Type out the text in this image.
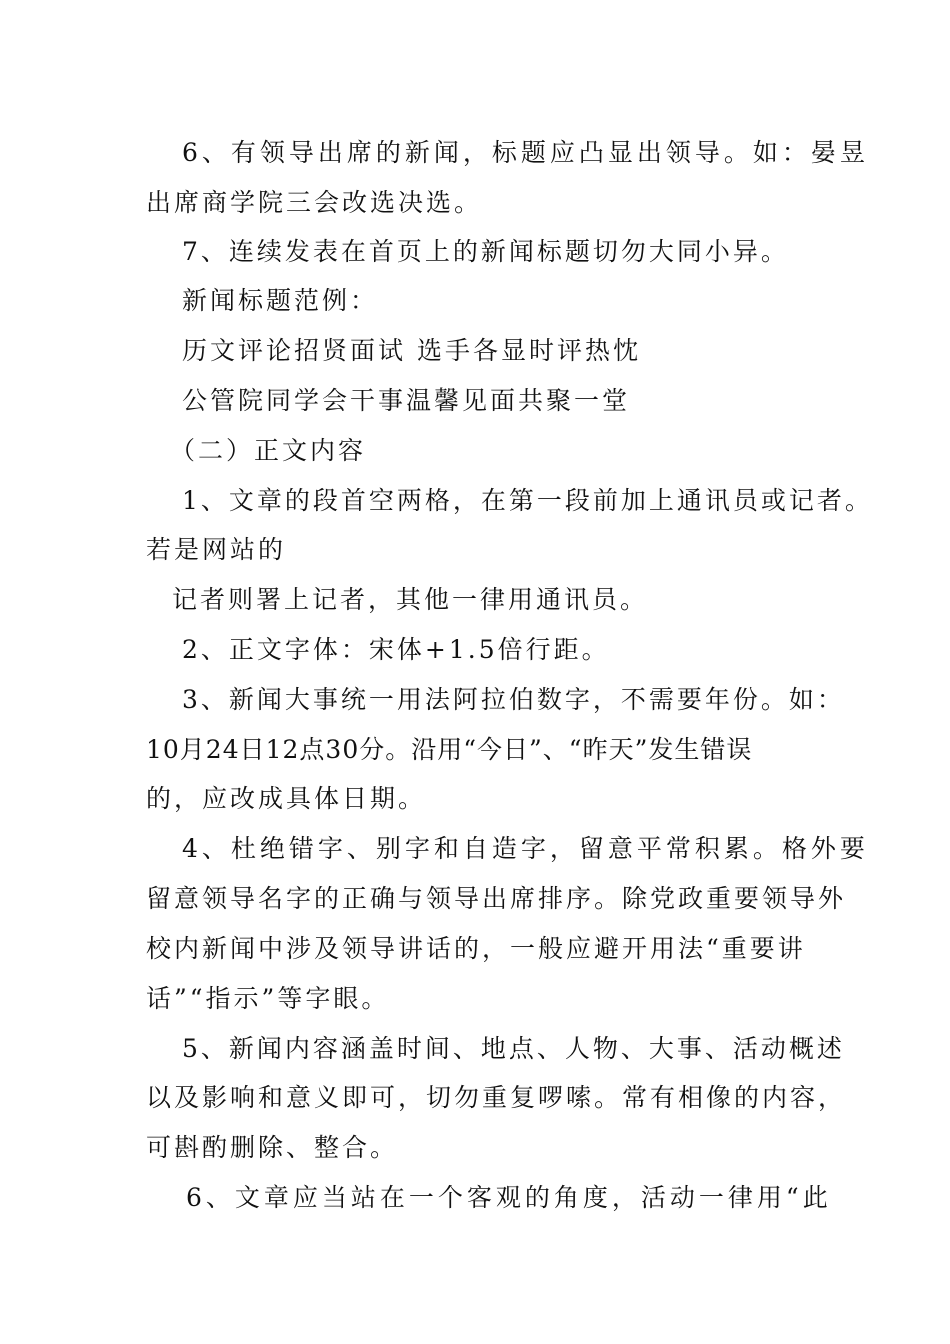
6、有领导出席的新闻，标题应凸显出领导。如：晏昱

出席商学院三会改选决选。

7、连续发表在首页上的新闻标题切勿大同小异。

新闻标题范例：

历文评论招贤面试 选手各显时评热忱

公管院同学会干事温馨见面共聚一堂

（二）正文内容

1、文章的段首空两格，在第一段前加上通讯员或记者。

若是网站的

记者则署上记者，其他一律用通讯员。

2、正文字体：宋体+1.5倍行距。

3、新闻大事统一用法阿拉伯数字，不需要年份。如：

10月24日12点30分。沿用“今日”、“昨天”发生错误

的，应改成具体日期。

4、杜绝错字、别字和自造字，留意平常积累。格外要

留意领导名字的正确与领导出席排序。除党政重要领导外

校内新闻中涉及领导讲话的，一般应避开用法“重要讲

话”“指示”等字眼。

5、新闻内容涵盖时间、地点、人物、大事、活动概述

以及影响和意义即可，切勿重复啰嗦。常有相像的内容，

可斟酌删除、整合。

6、文章应当站在一个客观的角度，活动一律用“此
